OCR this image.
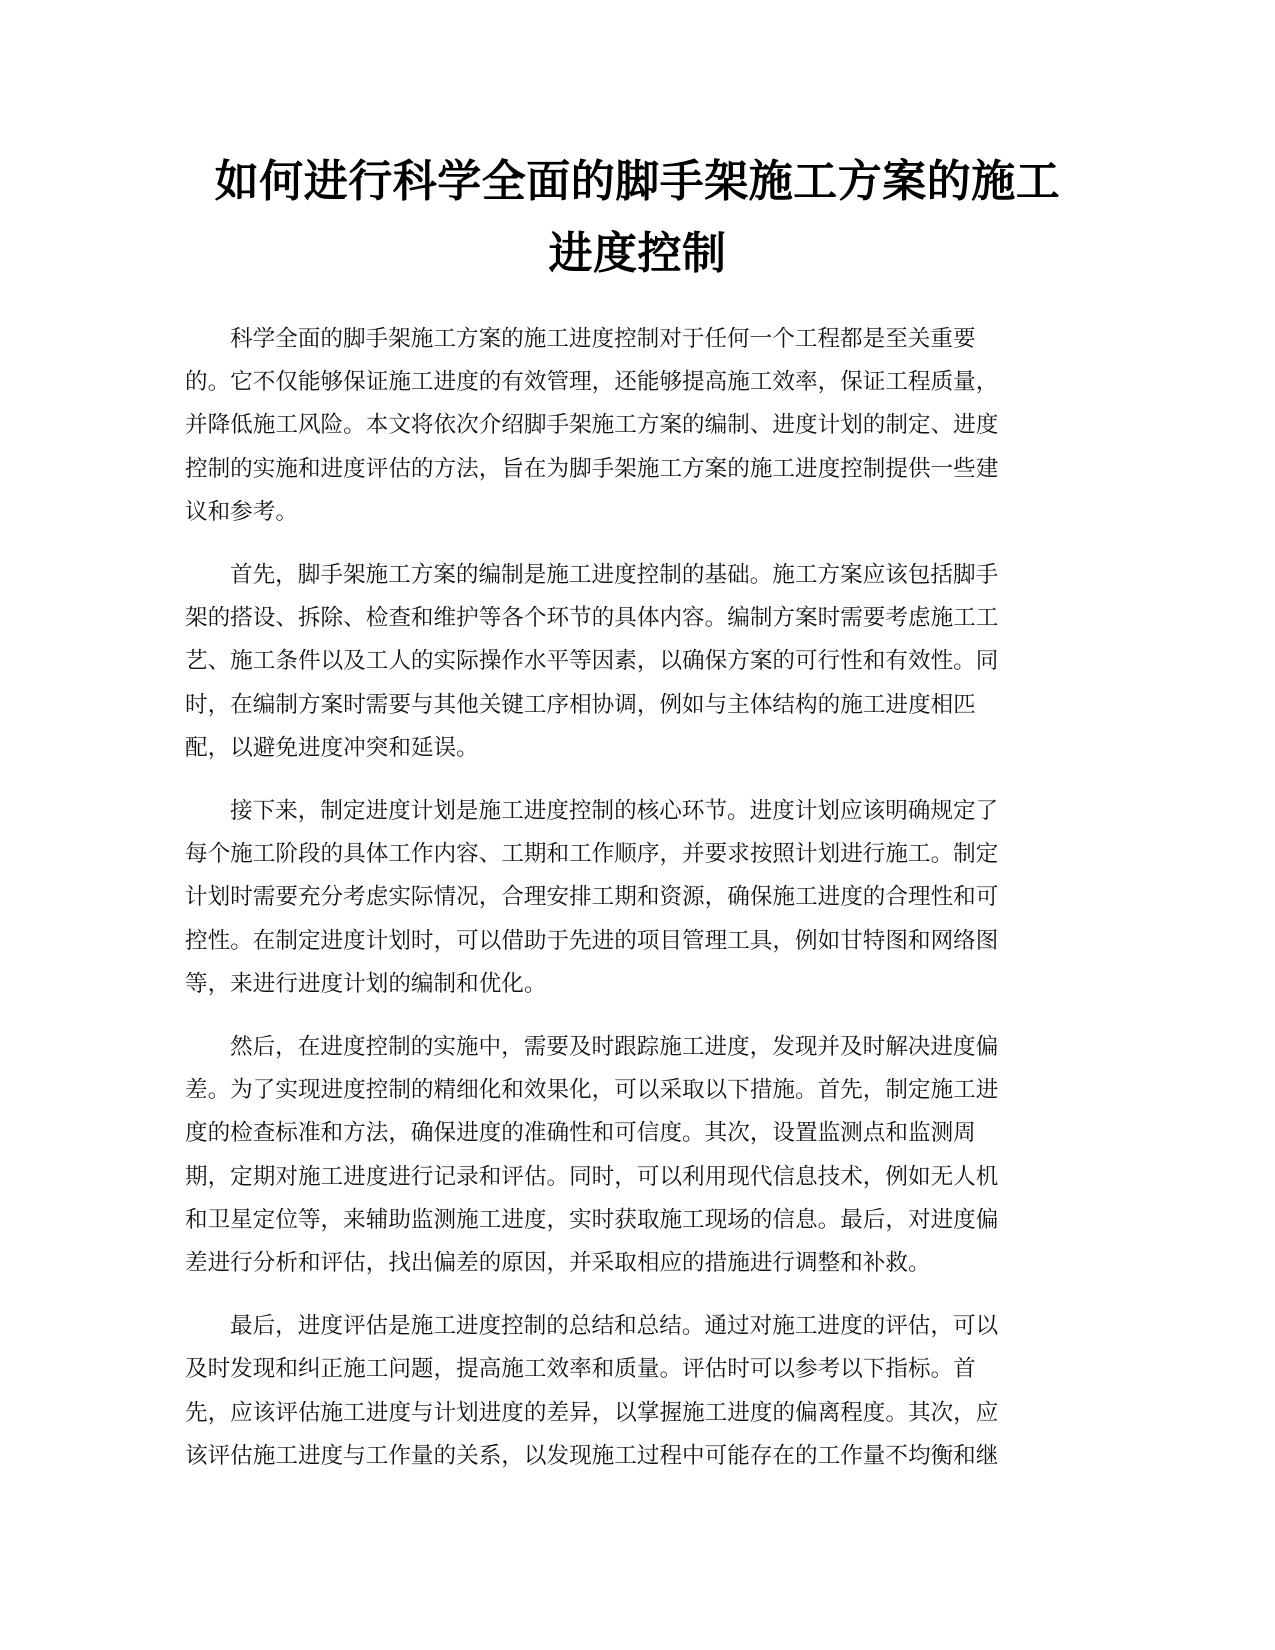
如何进行科学全面的脚手架施工方案的施工
进度控制

科学全面的脚手架施工方案的施工进度控制对于任何一个工程都是至关重要
的。它不仅能够保证施工进度的有效管理，还能够提高施工效率，保证工程质量，
并降低施工风险。本文将依次介绍脚手架施工方案的编制、进度计划的制定、进度
控制的实施和进度评估的方法，旨在为脚手架施工方案的施工进度控制提供一些建
议和参考。

首先，脚手架施工方案的编制是施工进度控制的基础。施工方案应该包括脚手
架的搭设、拆除、检查和维护等各个环节的具体内容。编制方案时需要考虑施工工
艺、施工条件以及工人的实际操作水平等因素，以确保方案的可行性和有效性。同
时，在编制方案时需要与其他关键工序相协调，例如与主体结构的施工进度相匹
配，以避免进度冲突和延误。

接下来，制定进度计划是施工进度控制的核心环节。进度计划应该明确规定了
每个施工阶段的具体工作内容、工期和工作顺序，并要求按照计划进行施工。制定
计划时需要充分考虑实际情况，合理安排工期和资源，确保施工进度的合理性和可
控性。在制定进度计划时，可以借助于先进的项目管理工具，例如甘特图和网络图
等，来进行进度计划的编制和优化。

然后，在进度控制的实施中，需要及时跟踪施工进度，发现并及时解决进度偏
差。为了实现进度控制的精细化和效果化，可以采取以下措施。首先，制定施工进
度的检查标准和方法，确保进度的准确性和可信度。其次，设置监测点和监测周
期，定期对施工进度进行记录和评估。同时，可以利用现代信息技术，例如无人机
和卫星定位等，来辅助监测施工进度，实时获取施工现场的信息。最后，对进度偏
差进行分析和评估，找出偏差的原因，并采取相应的措施进行调整和补救。

最后，进度评估是施工进度控制的总结和总结。通过对施工进度的评估，可以
及时发现和纠正施工问题，提高施工效率和质量。评估时可以参考以下指标。首
先，应该评估施工进度与计划进度的差异，以掌握施工进度的偏离程度。其次，应
该评估施工进度与工作量的关系，以发现施工过程中可能存在的工作量不均衡和继
